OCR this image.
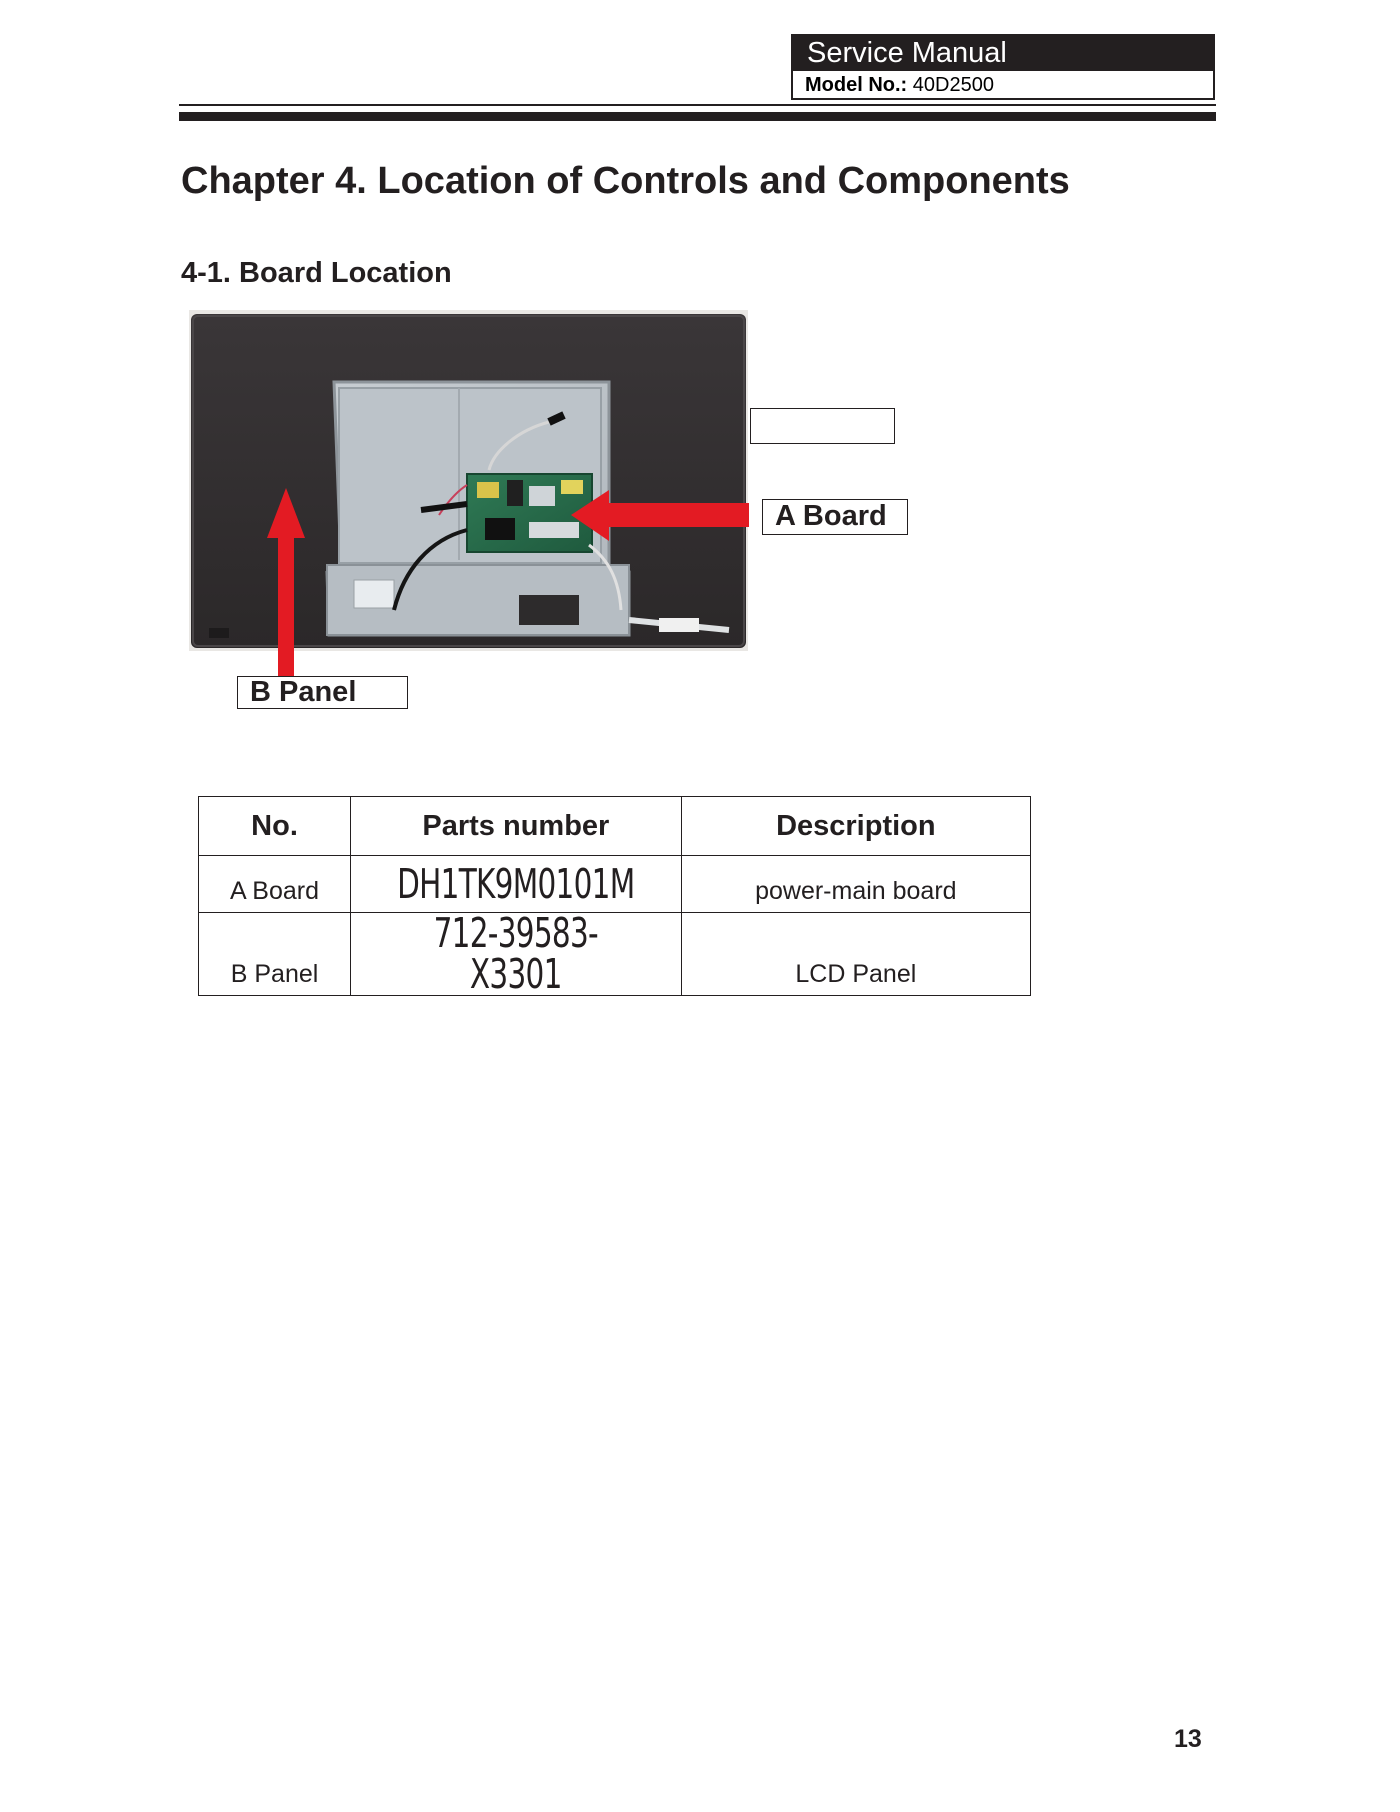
Service Manual
Model No.: 40D2500
Chapter 4. Location of Controls and Components
4-1. Board Location
A Board
B Panel
No.	Parts number	Description
A Board	DH1TK9M0101M	power-main board
B Panel	712-39583-X3301	LCD Panel
13
